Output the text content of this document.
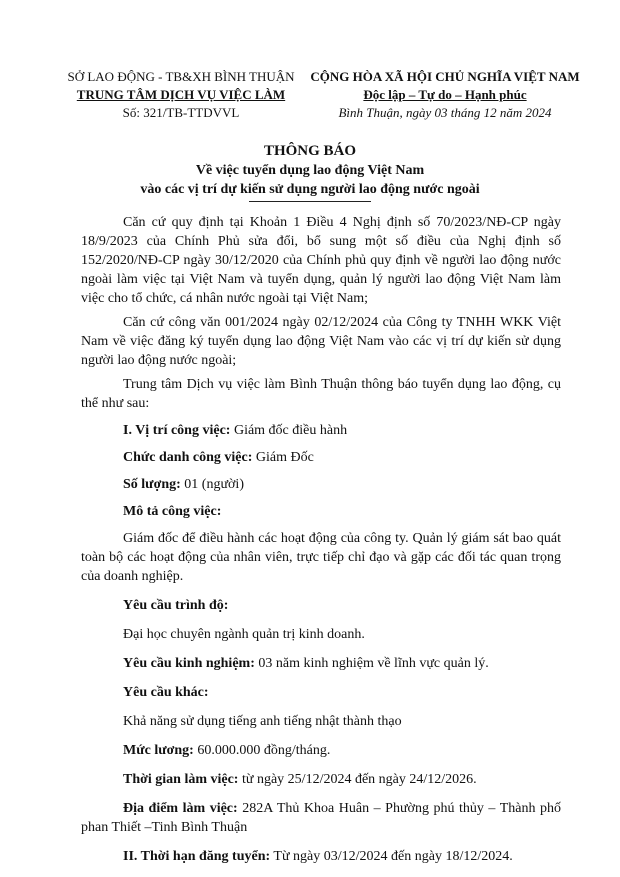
SỞ LAO ĐỘNG - TB&XH BÌNH THUẬN
TRUNG TÂM DỊCH VỤ VIỆC LÀM
Số: 321/TB-TTDVVL
CỘNG HÒA XÃ HỘI CHỦ NGHĨA VIỆT NAM
Độc lập – Tự do – Hạnh phúc
Bình Thuận, ngày 03 tháng 12 năm 2024
THÔNG BÁO
Về việc tuyển dụng lao động Việt Nam
vào các vị trí dự kiến sử dụng người lao động nước ngoài

Căn cứ quy định tại Khoản 1 Điều 4 Nghị định số 70/2023/NĐ-CP ngày 18/9/2023 của Chính Phủ sửa đổi, bổ sung một số điều của Nghị định số 152/2020/NĐ-CP ngày 30/12/2020 của Chính phủ quy định về người lao động nước ngoài làm việc tại Việt Nam và tuyển dụng, quản lý người lao động Việt Nam làm việc cho tổ chức, cá nhân nước ngoài tại Việt Nam;

Căn cứ công văn 001/2024 ngày 02/12/2024 của Công ty TNHH WKK Việt Nam về việc đăng ký tuyển dụng lao động Việt Nam vào các vị trí dự kiến sử dụng người lao động nước ngoài;

Trung tâm Dịch vụ việc làm Bình Thuận thông báo tuyển dụng lao động, cụ thể như sau:

I. Vị trí công việc: Giám đốc điều hành

Chức danh công việc: Giám Đốc

Số lượng: 01 (người)

Mô tả công việc:

Giám đốc để điều hành các hoạt động của công ty. Quản lý giám sát bao quát toàn bộ các hoạt động của nhân viên, trực tiếp chỉ đạo và gặp các đối tác quan trọng của doanh nghiệp.

Yêu cầu trình độ:

Đại học chuyên ngành quản trị kinh doanh.

Yêu cầu kinh nghiệm: 03 năm kinh nghiệm về lĩnh vực quản lý.

Yêu cầu khác:

Khả năng sử dụng tiếng anh tiếng nhật thành thạo

Mức lương: 60.000.000 đồng/tháng.

Thời gian làm việc: từ ngày 25/12/2024 đến ngày 24/12/2026.

Địa điểm làm việc: 282A Thủ Khoa Huân – Phường phú thủy – Thành phố phan Thiết –Tinh Bình Thuận

II. Thời hạn đăng tuyển: Từ ngày 03/12/2024 đến ngày 18/12/2024.
